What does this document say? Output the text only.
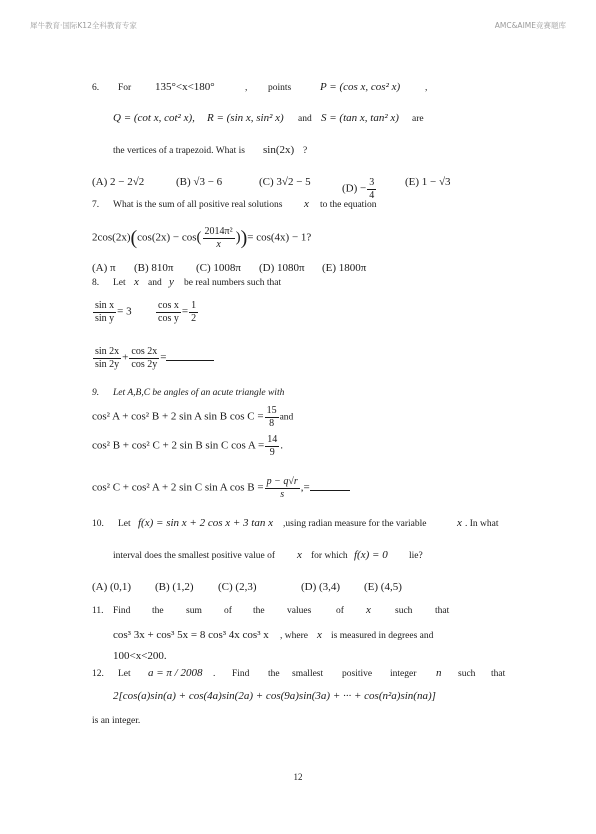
犀牛教育·国际K12全科教育专家	AMC&AIME竞赛题库
6. For 135°<x<180°	, points	P = (cos x, cos² x)	,
Q = (cot x, cot² x), R = (sin x, sin² x) and S = (tan x, tan² x) are
the vertices of a trapezoid. What is sin(2x) ?
(A) 2 − 2√2	(B) √3 − 6	(C) 3√2 − 5
$(D) - \frac{3}{4}$	(E) 1 − √3
7. What is the sum of all positive real solutions x to the equation
$2\cos(2x)(\cos(2x) - \cos( \frac{\text{2014π²}}{x}$ ))= cos(4x) − 1?
(A) π (B) 810π (C) 1008π (D) 1080π (E) 1800π
8. Let x and y be real numbers such that
$\frac{\text{sin x}}{\text{sin y}} = 3 \frac{\text{cos x}}{\text{cos y}} = \frac{1}{2}$
$\frac{\sin 2x}{\sin 2y} + \frac{\cos 2x}{\cos 2y}$ =
9. Let A,B,C be angles of an acute triangle with
cos² A + cos² B + 2 sin A sin B $\cos C = \frac{15}{8}$ and
cos² B + cos² C + 2 sin B sin C $\cos A = \frac{14}{9}$ .
cos² C + cos² A + 2 sin C sin A $\cos B = \frac{p - q√r}{s}$ ,=
10. Let f(x) = sin x + 2 cos x + 3 tan x ,using radian measure for the variable	x . In what
interval does the smallest positive value of x for which f(x) = 0 lie?
(A) (0,1) (B) (1,2) (C) (2,3)	(D) (3,4) (E) (4,5)
11. Find the sum of the values	of x	such that
cos³ 3x + cos³ 5x = 8 cos³ 4x cos³ x , where x is measured in degrees and
100<x<200.
12. Let a = π / 2008 . Find the smallest positive integer n such that
2[cos(a)sin(a) + cos(4a)sin(2a) + cos(9a)sin(3a) + ··· + cos(n²a)sin(na)]
is an integer.
12
